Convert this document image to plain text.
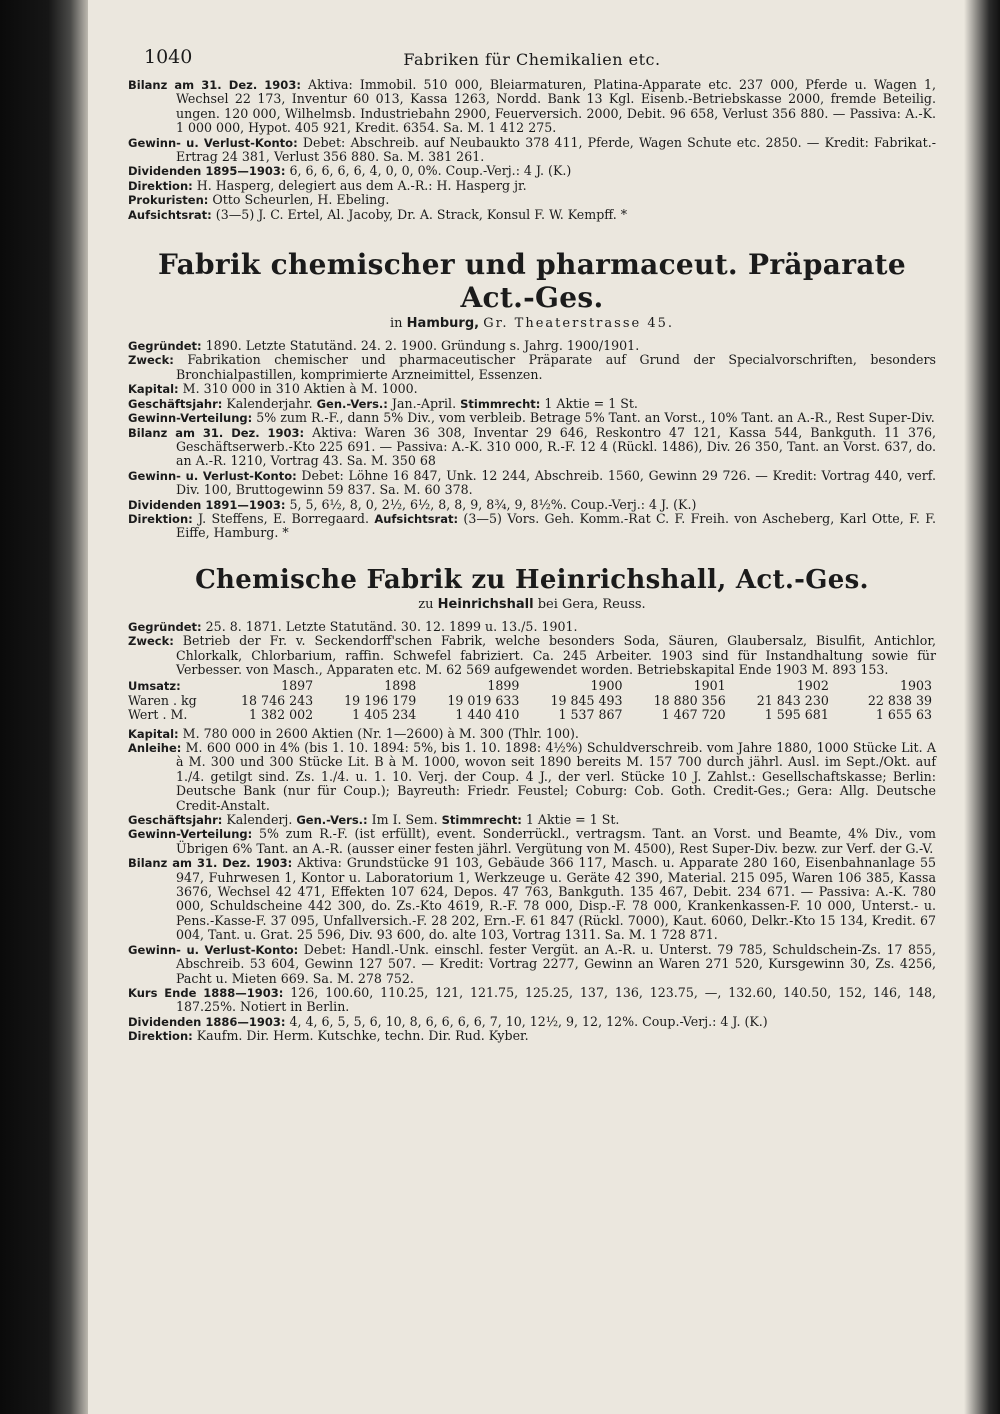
1040	Fabriken für Chemikalien etc.

Bilanz am 31. Dez. 1903: Aktiva: Immobil. 510 000, Bleiarmaturen, Platina-Apparate etc. 237 000, Pferde u. Wagen 1, Wechsel 22 173, Inventur 60 013, Kassa 1263, Nordd. Bank 13 Kgl. Eisenb.-Betriebskasse 2000, fremde Beteilig. ungen. 120 000, Wilhelmsb. Industriebahn 2900, Feuerversich. 2000, Debit. 96 658, Verlust 356 880. — Passiva: A.-K. 1 000 000, Hypot. 405 921, Kredit. 6354. Sa. M. 1 412 275.

Gewinn- u. Verlust-Konto: Debet: Abschreib. auf Neubaukto 378 411, Pferde, Wagen Schute etc. 2850. — Kredit: Fabrikat.-Ertrag 24 381, Verlust 356 880. Sa. M. 381 261.

Dividenden 1895—1903: 6, 6, 6, 6, 6, 4, 0, 0, 0%. Coup.-Verj.: 4 J. (K.)

Direktion: H. Hasperg, delegiert aus dem A.-R.: H. Hasperg jr.

Prokuristen: Otto Scheurlen, H. Ebeling.

Aufsichtsrat: (3—5) J. C. Ertel, Al. Jacoby, Dr. A. Strack, Konsul F. W. Kempff. *

Fabrik chemischer und pharmaceut. Präparate Act.-Ges.
in Hamburg, Gr. Theaterstrasse 45.

Gegründet: 1890. Letzte Statutänd. 24. 2. 1900. Gründung s. Jahrg. 1900/1901.

Zweck: Fabrikation chemischer und pharmaceutischer Präparate auf Grund der Specialvorschriften, besonders Bronchialpastillen, komprimierte Arzneimittel, Essenzen.

Kapital: M. 310 000 in 310 Aktien à M. 1000.

Geschäftsjahr: Kalenderjahr. Gen.-Vers.: Jan.-April. Stimmrecht: 1 Aktie = 1 St.

Gewinn-Verteilung: 5% zum R.-F., dann 5% Div., vom verbleib. Betrage 5% Tant. an Vorst., 10% Tant. an A.-R., Rest Super-Div.

Bilanz am 31. Dez. 1903: Aktiva: Waren 36 308, Inventar 29 646, Reskontro 47 121, Kassa 544, Bankguth. 11 376, Geschäftserwerb.-Kto 225 691. — Passiva: A.-K. 310 000, R.-F. 12 4 (Rückl. 1486), Div. 26 350, Tant. an Vorst. 637, do. an A.-R. 1210, Vortrag 43. Sa. M. 350 68

Gewinn- u. Verlust-Konto: Debet: Löhne 16 847, Unk. 12 244, Abschreib. 1560, Gewinn 29 726. — Kredit: Vortrag 440, verf. Div. 100, Bruttogewinn 59 837. Sa. M. 60 378.

Dividenden 1891—1903: 5, 5, 6½, 8, 0, 2½, 6½, 8, 8, 9, 8¾, 9, 8½%. Coup.-Verj.: 4 J. (K.)

Direktion: J. Steffens, E. Borregaard. Aufsichtsrat: (3—5) Vors. Geh. Komm.-Rat C. F. Freih. von Ascheberg, Karl Otte, F. F. Eiffe, Hamburg. *

Chemische Fabrik zu Heinrichshall, Act.-Ges.
zu Heinrichshall bei Gera, Reuss.

Gegründet: 25. 8. 1871. Letzte Statutänd. 30. 12. 1899 u. 13./5. 1901.

Zweck: Betrieb der Fr. v. Seckendorff'schen Fabrik, welche besonders Soda, Säuren, Glaubersalz, Bisulfit, Antichlor, Chlorkalk, Chlorbarium, raffin. Schwefel fabriziert. Ca. 245 Arbeiter. 1903 sind für Instandhaltung sowie für Verbesser. von Masch., Apparaten etc. M. 62 569 aufgewendet worden. Betriebskapital Ende 1903 M. 893 153.

Umsatz:	1897	1898	1899	1900	1901	1902	1903
Waren . kg	18 746 243	19 196 179	19 019 633	19 845 493	18 880 356	21 843 230	22 838 39
Wert . M.	1 382 002	1 405 234	1 440 410	1 537 867	1 467 720	1 595 681	1 655 63

Kapital: M. 780 000 in 2600 Aktien (Nr. 1—2600) à M. 300 (Thlr. 100).

Anleihe: M. 600 000 in 4% (bis 1. 10. 1894: 5%, bis 1. 10. 1898: 4½%) Schuldverschreib. vom Jahre 1880, 1000 Stücke Lit. A à M. 300 und 300 Stücke Lit. B à M. 1000, wovon seit 1890 bereits M. 157 700 durch jährl. Ausl. im Sept./Okt. auf 1./4. getilgt sind. Zs. 1./4. u. 1. 10. Verj. der Coup. 4 J., der verl. Stücke 10 J. Zahlst.: Gesellschaftskasse; Berlin: Deutsche Bank (nur für Coup.); Bayreuth: Friedr. Feustel; Coburg: Cob. Goth. Credit-Ges.; Gera: Allg. Deutsche Credit-Anstalt.

Geschäftsjahr: Kalenderj. Gen.-Vers.: Im I. Sem. Stimmrecht: 1 Aktie = 1 St.

Gewinn-Verteilung: 5% zum R.-F. (ist erfüllt), event. Sonderrückl., vertragsm. Tant. an Vorst. und Beamte, 4% Div., vom Übrigen 6% Tant. an A.-R. (ausser einer festen jährl. Vergütung von M. 4500), Rest Super-Div. bezw. zur Verf. der G.-V.

Bilanz am 31. Dez. 1903: Aktiva: Grundstücke 91 103, Gebäude 366 117, Masch. u. Apparate 280 160, Eisenbahnanlage 55 947, Fuhrwesen 1, Kontor u. Laboratorium 1, Werkzeuge u. Geräte 42 390, Material. 215 095, Waren 106 385, Kassa 3676, Wechsel 42 471, Effekten 107 624, Depos. 47 763, Bankguth. 135 467, Debit. 234 671. — Passiva: A.-K. 780 000, Schuldscheine 442 300, do. Zs.-Kto 4619, R.-F. 78 000, Disp.-F. 78 000, Krankenkassen-F. 10 000, Unterst.- u. Pens.-Kasse-F. 37 095, Unfallversich.-F. 28 202, Ern.-F. 61 847 (Rückl. 7000), Kaut. 6060, Delkr.-Kto 15 134, Kredit. 67 004, Tant. u. Grat. 25 596, Div. 93 600, do. alte 103, Vortrag 1311. Sa. M. 1 728 871.

Gewinn- u. Verlust-Konto: Debet: Handl.-Unk. einschl. fester Vergüt. an A.-R. u. Unterst. 79 785, Schuldschein-Zs. 17 855, Abschreib. 53 604, Gewinn 127 507. — Kredit: Vortrag 2277, Gewinn an Waren 271 520, Kursgewinn 30, Zs. 4256, Pacht u. Mieten 669. Sa. M. 278 752.

Kurs Ende 1888—1903: 126, 100.60, 110.25, 121, 121.75, 125.25, 137, 136, 123.75, —, 132.60, 140.50, 152, 146, 148, 187.25%. Notiert in Berlin.

Dividenden 1886—1903: 4, 4, 6, 5, 5, 6, 10, 8, 6, 6, 6, 6, 7, 10, 12½, 9, 12, 12%. Coup.-Verj.: 4 J. (K.)

Direktion: Kaufm. Dir. Herm. Kutschke, techn. Dir. Rud. Kyber.
